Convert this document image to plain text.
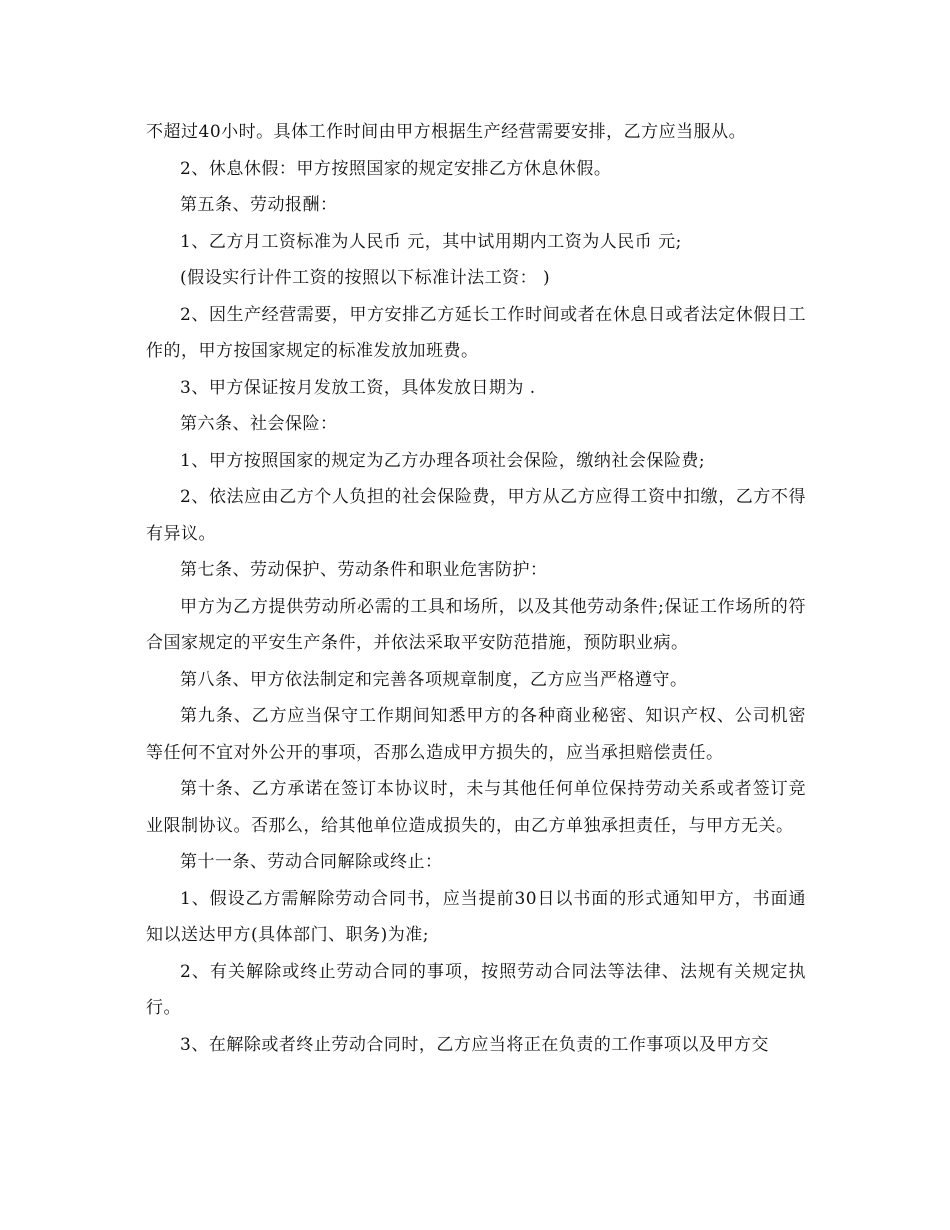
不超过40小时。具体工作时间由甲方根据生产经营需要安排，乙方应当服从。

2、休息休假：甲方按照国家的规定安排乙方休息休假。

第五条、劳动报酬：

1、乙方月工资标准为人民币 元，其中试用期内工资为人民币 元;

(假设实行计件工资的按照以下标准计法工资： )

2、因生产经营需要，甲方安排乙方延长工作时间或者在休息日或者法定休假日工作的，甲方按国家规定的标准发放加班费。

3、甲方保证按月发放工资，具体发放日期为 .

第六条、社会保险：

1、甲方按照国家的规定为乙方办理各项社会保险，缴纳社会保险费;

2、依法应由乙方个人负担的社会保险费，甲方从乙方应得工资中扣缴，乙方不得有异议。

第七条、劳动保护、劳动条件和职业危害防护：

甲方为乙方提供劳动所必需的工具和场所，以及其他劳动条件;保证工作场所的符合国家规定的平安生产条件，并依法采取平安防范措施，预防职业病。

第八条、甲方依法制定和完善各项规章制度，乙方应当严格遵守。

第九条、乙方应当保守工作期间知悉甲方的各种商业秘密、知识产权、公司机密等任何不宜对外公开的事项，否那么造成甲方损失的，应当承担赔偿责任。

第十条、乙方承诺在签订本协议时，未与其他任何单位保持劳动关系或者签订竞业限制协议。否那么，给其他单位造成损失的，由乙方单独承担责任，与甲方无关。

第十一条、劳动合同解除或终止：

1、假设乙方需解除劳动合同书，应当提前30日以书面的形式通知甲方，书面通知以送达甲方(具体部门、职务)为准;

2、有关解除或终止劳动合同的事项，按照劳动合同法等法律、法规有关规定执行。

3、在解除或者终止劳动合同时，乙方应当将正在负责的工作事项以及甲方交
